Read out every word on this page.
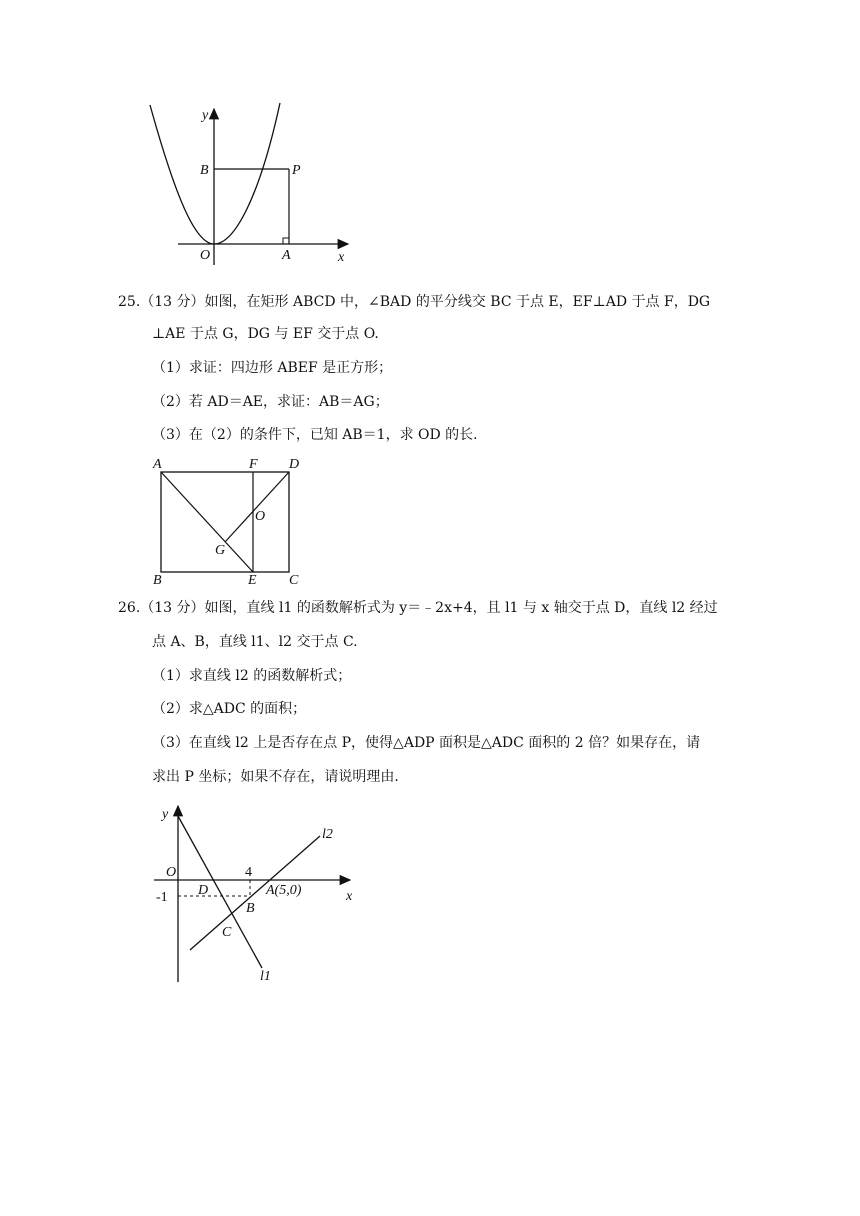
y
x
O	A
B	P
25.（13 分）如图，在矩形 ABCD 中，∠BAD 的平分线交 BC 于点 E，EF⊥AD 于点 F，DG
⊥AE 于点 G，DG 与 EF 交于点 O.
（1）求证：四边形 ABEF 是正方形；
（2）若 AD＝AE，求证：AB＝AG；
（3）在（2）的条件下，已知 AB＝1，求 OD 的长.
A	F D
O
G
B	E C
26.（13 分）如图，直线 l1 的函数解析式为 y＝﹣2x+4，且 l1 与 x 轴交于点 D，直线 l2 经过
点 A、B，直线 l1、l2 交于点 C.
（1）求直线 l2 的函数解析式；
（2）求△ADC 的面积；
（3）在直线 l2 上是否存在点 P，使得△ADP 面积是△ADC 面积的 2 倍？如果存在，请
求出 P 坐标；如果不存在，请说明理由.
y
x
O
D
4
-1	A(5,0)
B
C
l1
l2
